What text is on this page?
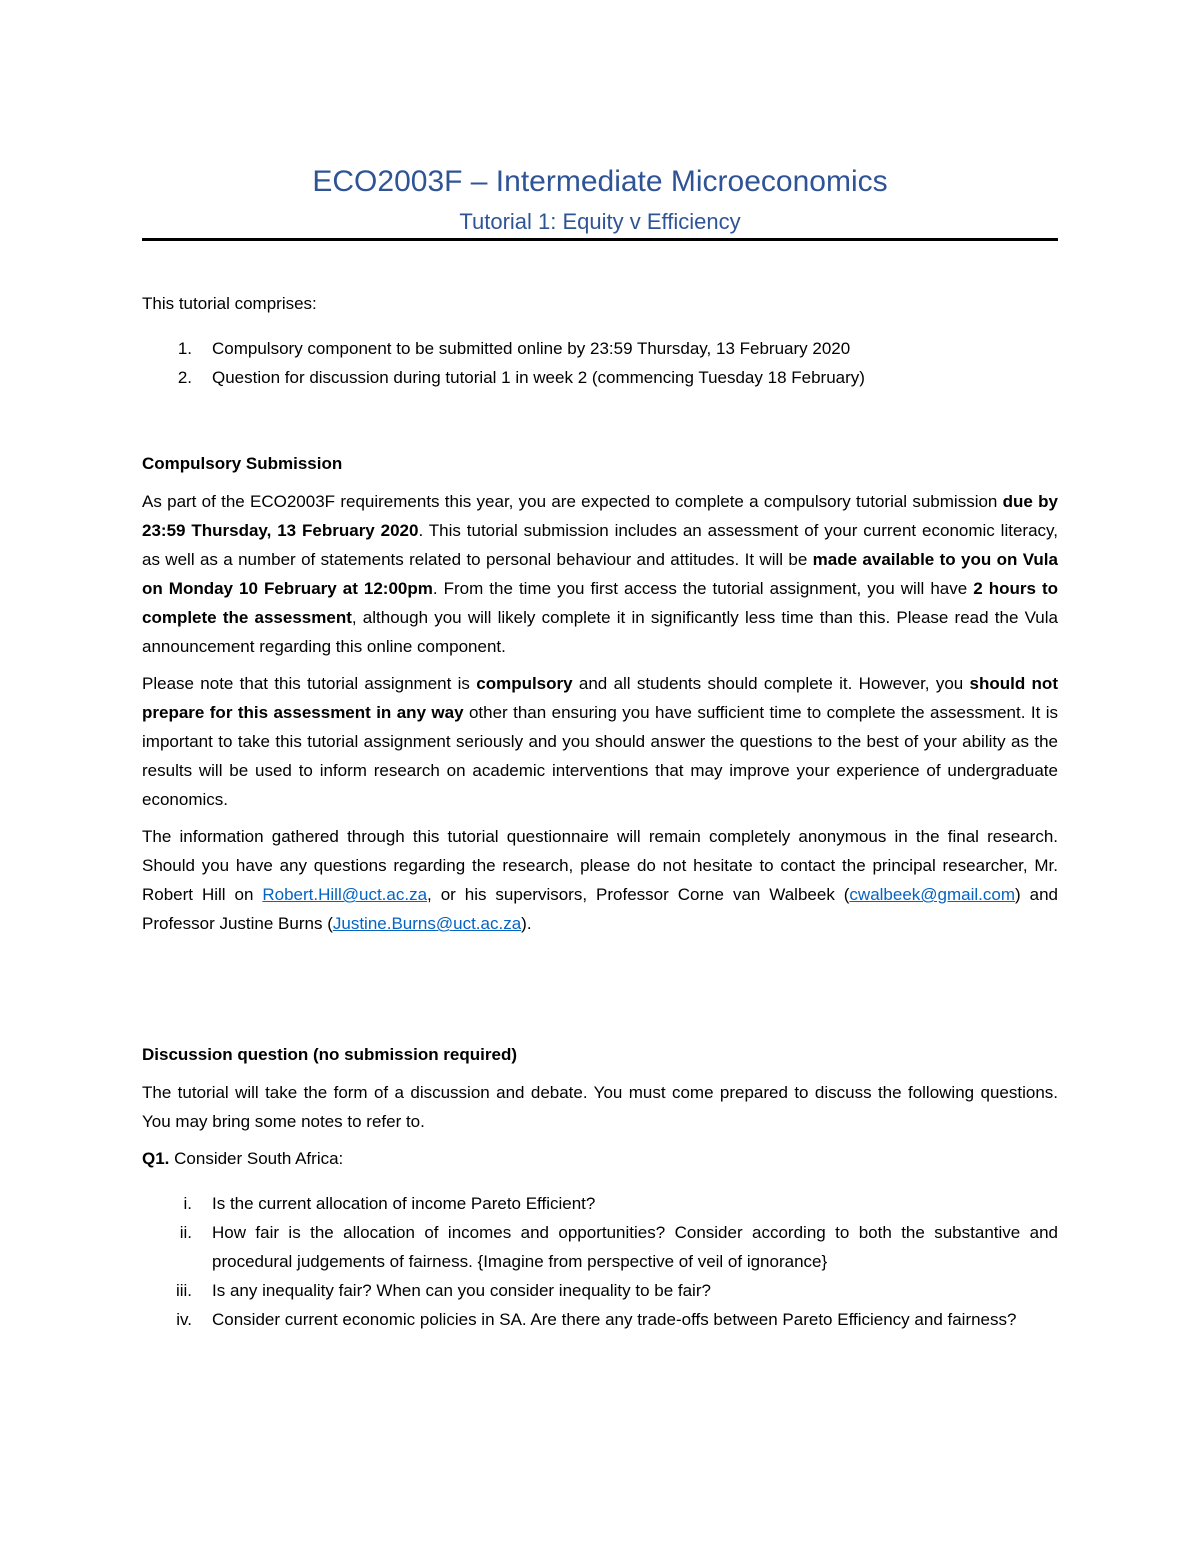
ECO2003F – Intermediate Microeconomics
Tutorial 1: Equity v Efficiency

This tutorial comprises:

1. Compulsory component to be submitted online by 23:59 Thursday, 13 February 2020

2. Question for discussion during tutorial 1 in week 2 (commencing Tuesday 18 February)

Compulsory Submission

As part of the ECO2003F requirements this year, you are expected to complete a compulsory tutorial submission due by 23:59 Thursday, 13 February 2020. This tutorial submission includes an assessment of your current economic literacy, as well as a number of statements related to personal behaviour and attitudes. It will be made available to you on Vula on Monday 10 February at 12:00pm. From the time you first access the tutorial assignment, you will have 2 hours to complete the assessment, although you will likely complete it in significantly less time than this. Please read the Vula announcement regarding this online component.

Please note that this tutorial assignment is compulsory and all students should complete it. However, you should not prepare for this assessment in any way other than ensuring you have sufficient time to complete the assessment. It is important to take this tutorial assignment seriously and you should answer the questions to the best of your ability as the results will be used to inform research on academic interventions that may improve your experience of undergraduate economics.

The information gathered through this tutorial questionnaire will remain completely anonymous in the final research. Should you have any questions regarding the research, please do not hesitate to contact the principal researcher, Mr. Robert Hill on Robert.Hill@uct.ac.za, or his supervisors, Professor Corne van Walbeek (cwalbeek@gmail.com) and Professor Justine Burns (Justine.Burns@uct.ac.za).

Discussion question (no submission required)

The tutorial will take the form of a discussion and debate. You must come prepared to discuss the following questions. You may bring some notes to refer to.

Q1. Consider South Africa:

i. Is the current allocation of income Pareto Efficient?

ii. How fair is the allocation of incomes and opportunities? Consider according to both the substantive and procedural judgements of fairness. {Imagine from perspective of veil of ignorance}

iii. Is any inequality fair? When can you consider inequality to be fair?

iv. Consider current economic policies in SA. Are there any trade-offs between Pareto Efficiency and fairness?
